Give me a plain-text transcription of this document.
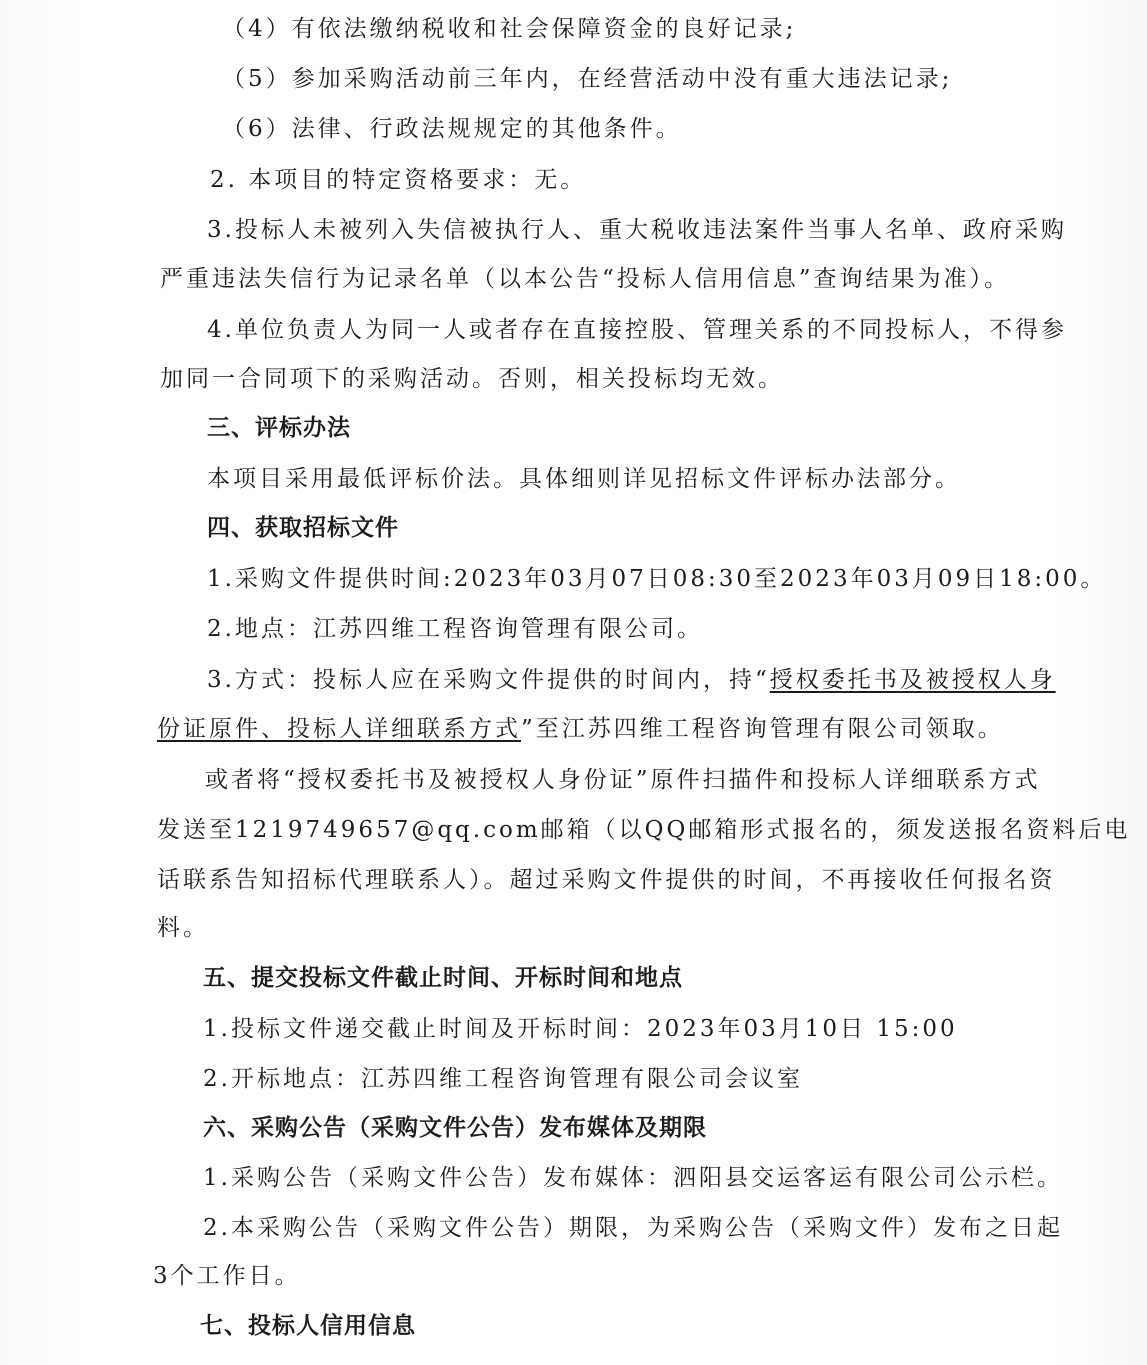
（4）有依法缴纳税收和社会保障资金的良好记录;
（5）参加采购活动前三年内，在经营活动中没有重大违法记录;
（6）法律、行政法规规定的其他条件。
2. 本项目的特定资格要求：无。
3.投标人未被列入失信被执行人、重大税收违法案件当事人名单、政府采购
严重违法失信行为记录名单（以本公告“投标人信用信息”查询结果为准）。
4.单位负责人为同一人或者存在直接控股、管理关系的不同投标人，不得参
加同一合同项下的采购活动。否则，相关投标均无效。
三、评标办法
本项目采用最低评标价法。具体细则详见招标文件评标办法部分。
四、获取招标文件
1.采购文件提供时间:2023年03月07日08:30至2023年03月09日18:00。
2.地点：江苏四维工程咨询管理有限公司。
3.方式：投标人应在采购文件提供的时间内，持“授权委托书及被授权人身
份证原件、投标人详细联系方式”至江苏四维工程咨询管理有限公司领取。
或者将“授权委托书及被授权人身份证”原件扫描件和投标人详细联系方式
发送至1219749657@qq.com邮箱（以QQ邮箱形式报名的，须发送报名资料后电
话联系告知招标代理联系人）。超过采购文件提供的时间，不再接收任何报名资
料。
五、提交投标文件截止时间、开标时间和地点
1.投标文件递交截止时间及开标时间：2023年03月10日 15:00
2.开标地点：江苏四维工程咨询管理有限公司会议室
六、采购公告（采购文件公告）发布媒体及期限
1.采购公告（采购文件公告）发布媒体：泗阳县交运客运有限公司公示栏。
2.本采购公告（采购文件公告）期限，为采购公告（采购文件）发布之日起
3个工作日。
七、投标人信用信息
